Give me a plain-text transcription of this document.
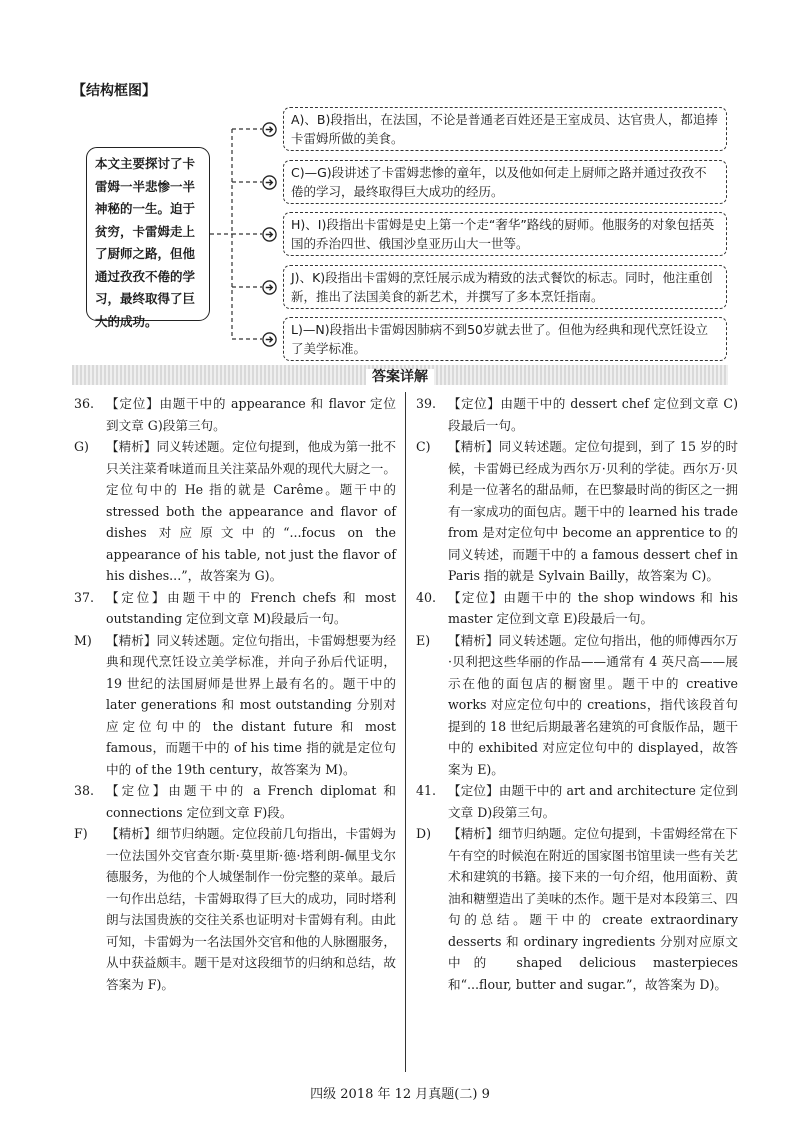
【结构框图】
本文主要探讨了卡雷姆一半悲惨一半神秘的一生。迫于贫穷，卡雷姆走上了厨师之路，但他通过孜孜不倦的学习，最终取得了巨大的成功。
A)、B)段指出，在法国，不论是普通老百姓还是王室成员、达官贵人，都追捧卡雷姆所做的美食。
C)—G)段讲述了卡雷姆悲惨的童年，以及他如何走上厨师之路并通过孜孜不倦的学习，最终取得巨大成功的经历。
H)、I)段指出卡雷姆是史上第一个走“奢华”路线的厨师。他服务的对象包括英国的乔治四世、俄国沙皇亚历山大一世等。
J)、K)段指出卡雷姆的烹饪展示成为精致的法式餐饮的标志。同时，他注重创新，推出了法国美食的新艺术，并撰写了多本烹饪指南。
L)—N)段指出卡雷姆因肺病不到50岁就去世了。但他为经典和现代烹饪设立了美学标准。
答案详解
36. 【定位】由题干中的 appearance 和 flavor 定位到文章 G)段第三句。
G) 【精析】同义转述题。定位句提到，他成为第一批不只关注菜肴味道而且关注菜品外观的现代大厨之一。定位句中的 He 指的就是 Carême。题干中的 stressed both the appearance and flavor of dishes 对应原文中的“...focus on the appearance of his table, not just the flavor of his dishes...”，故答案为 G)。
37. 【定位】由题干中的 French chefs 和 most outstanding 定位到文章 M)段最后一句。
M) 【精析】同义转述题。定位句指出，卡雷姆想要为经典和现代烹饪设立美学标准，并向子孙后代证明，19 世纪的法国厨师是世界上最有名的。题干中的 later generations 和 most outstanding 分别对应定位句中的 the distant future 和 most famous，而题干中的 of his time 指的就是定位句中的 of the 19th century，故答案为 M)。
38. 【定位】由题干中的 a French diplomat 和 connections 定位到文章 F)段。
F) 【精析】细节归纳题。定位段前几句指出，卡雷姆为一位法国外交官查尔斯·莫里斯·德·塔利朗-佩里戈尔德服务，为他的个人城堡制作一份完整的菜单。最后一句作出总结，卡雷姆取得了巨大的成功，同时塔利朗与法国贵族的交往关系也证明对卡雷姆有利。由此可知，卡雷姆为一名法国外交官和他的人脉圈服务，从中获益颇丰。题干是对这段细节的归纳和总结，故答案为 F)。
39. 【定位】由题干中的 dessert chef 定位到文章 C)段最后一句。
C) 【精析】同义转述题。定位句提到，到了 15 岁的时候，卡雷姆已经成为西尔万·贝利的学徒。西尔万·贝利是一位著名的甜品师，在巴黎最时尚的街区之一拥有一家成功的面包店。题干中的 learned his trade from 是对定位句中 become an apprentice to 的同义转述，而题干中的 a famous dessert chef in Paris 指的就是 Sylvain Bailly，故答案为 C)。
40. 【定位】由题干中的 the shop windows 和 his master 定位到文章 E)段最后一句。
E) 【精析】同义转述题。定位句指出，他的师傅西尔万·贝利把这些华丽的作品——通常有 4 英尺高——展示在他的面包店的橱窗里。题干中的 creative works 对应定位句中的 creations，指代该段首句提到的 18 世纪后期最著名建筑的可食版作品，题干中的 exhibited 对应定位句中的 displayed，故答案为 E)。
41. 【定位】由题干中的 art and architecture 定位到文章 D)段第三句。
D) 【精析】细节归纳题。定位句提到，卡雷姆经常在下午有空的时候泡在附近的国家图书馆里读一些有关艺术和建筑的书籍。接下来的一句介绍，他用面粉、黄油和糖塑造出了美味的杰作。题干是对本段第三、四句的总结。题干中的 create extraordinary desserts 和 ordinary ingredients 分别对应原文中的 shaped delicious masterpieces 和“...flour, butter and sugar.”，故答案为 D)。
四级 2018 年 12 月真题(二) 9
